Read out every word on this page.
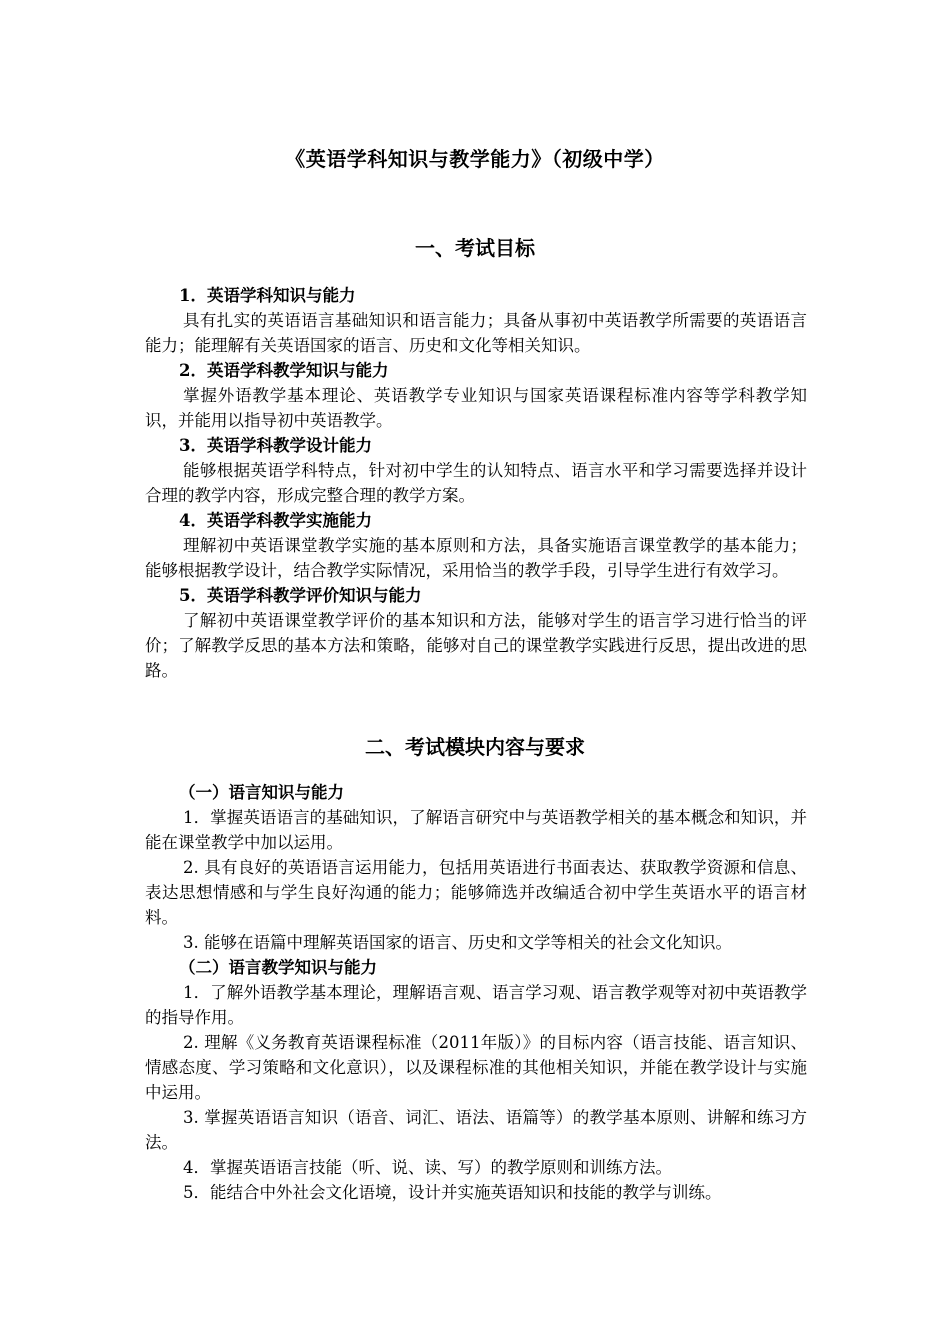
《英语学科知识与教学能力》（初级中学）
一、考试目标
1．英语学科知识与能力
具有扎实的英语语言基础知识和语言能力；具备从事初中英语教学所需要的英语语言能力；能理解有关英语国家的语言、历史和文化等相关知识。
2．英语学科教学知识与能力
掌握外语教学基本理论、英语教学专业知识与国家英语课程标准内容等学科教学知识，并能用以指导初中英语教学。
3．英语学科教学设计能力
能够根据英语学科特点，针对初中学生的认知特点、语言水平和学习需要选择并设计合理的教学内容，形成完整合理的教学方案。
4．英语学科教学实施能力
理解初中英语课堂教学实施的基本原则和方法，具备实施语言课堂教学的基本能力；能够根据教学设计，结合教学实际情况，采用恰当的教学手段，引导学生进行有效学习。
5．英语学科教学评价知识与能力
了解初中英语课堂教学评价的基本知识和方法，能够对学生的语言学习进行恰当的评价；了解教学反思的基本方法和策略，能够对自己的课堂教学实践进行反思，提出改进的思路。
二、考试模块内容与要求
（一）语言知识与能力
1．掌握英语语言的基础知识，了解语言研究中与英语教学相关的基本概念和知识，并能在课堂教学中加以运用。
2. 具有良好的英语语言运用能力，包括用英语进行书面表达、获取教学资源和信息、表达思想情感和与学生良好沟通的能力；能够筛选并改编适合初中学生英语水平的语言材料。
3. 能够在语篇中理解英语国家的语言、历史和文学等相关的社会文化知识。
（二）语言教学知识与能力
1．了解外语教学基本理论，理解语言观、语言学习观、语言教学观等对初中英语教学的指导作用。
2. 理解《义务教育英语课程标准（2011年版）》的目标内容（语言技能、语言知识、情感态度、学习策略和文化意识），以及课程标准的其他相关知识，并能在教学设计与实施中运用。
3. 掌握英语语言知识（语音、词汇、语法、语篇等）的教学基本原则、讲解和练习方法。
4．掌握英语语言技能（听、说、读、写）的教学原则和训练方法。
5．能结合中外社会文化语境，设计并实施英语知识和技能的教学与训练。
